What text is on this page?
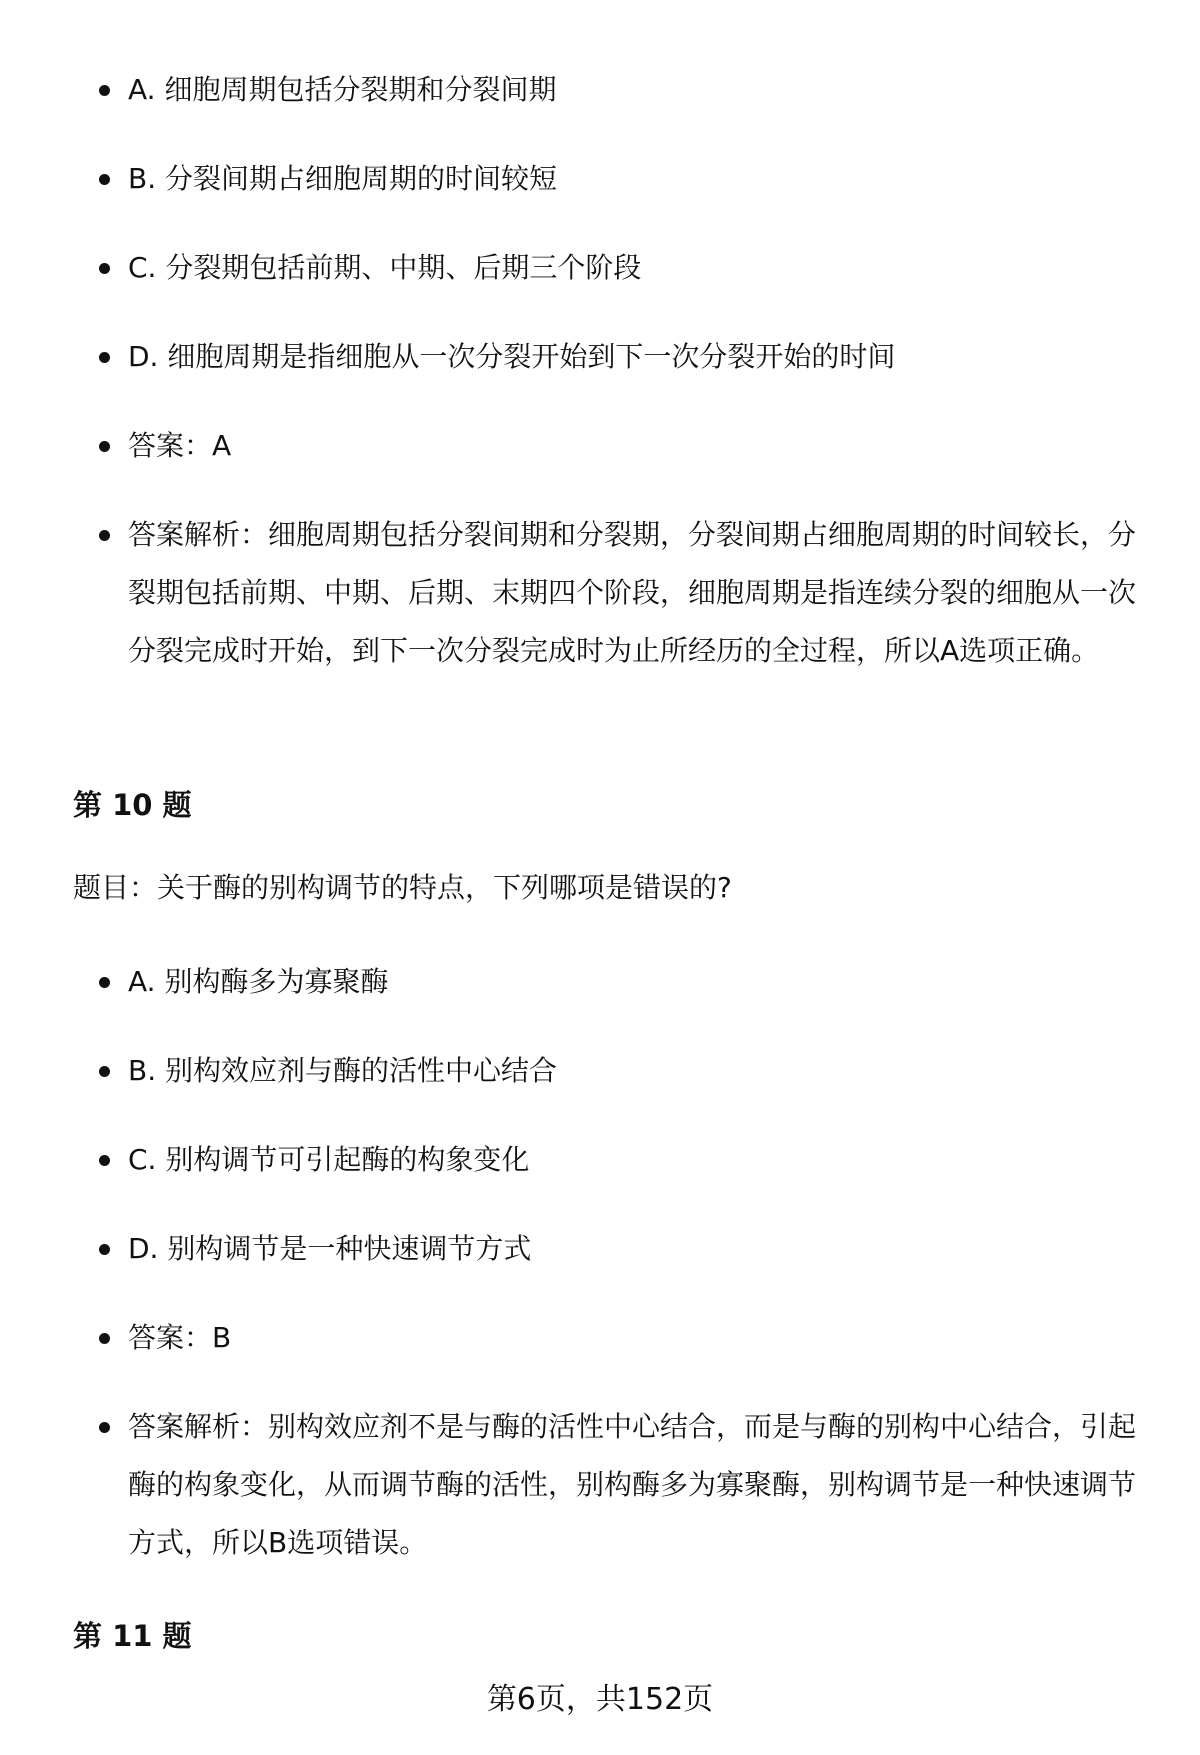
A. 细胞周期包括分裂期和分裂间期
B. 分裂间期占细胞周期的时间较短
C. 分裂期包括前期、中期、后期三个阶段
D. 细胞周期是指细胞从一次分裂开始到下一次分裂开始的时间
答案：A
答案解析：细胞周期包括分裂间期和分裂期，分裂间期占细胞周期的时间较长，分裂期包括前期、中期、后期、末期四个阶段，细胞周期是指连续分裂的细胞从一次分裂完成时开始，到下一次分裂完成时为止所经历的全过程，所以A选项正确。
第 10 题

题目：关于酶的别构调节的特点，下列哪项是错误的?

A. 别构酶多为寡聚酶
B. 别构效应剂与酶的活性中心结合
C. 别构调节可引起酶的构象变化
D. 别构调节是一种快速调节方式
答案：B
答案解析：别构效应剂不是与酶的活性中心结合，而是与酶的别构中心结合，引起酶的构象变化，从而调节酶的活性，别构酶多为寡聚酶，别构调节是一种快速调节方式，所以B选项错误。
第 11 题

第6页，共152页
